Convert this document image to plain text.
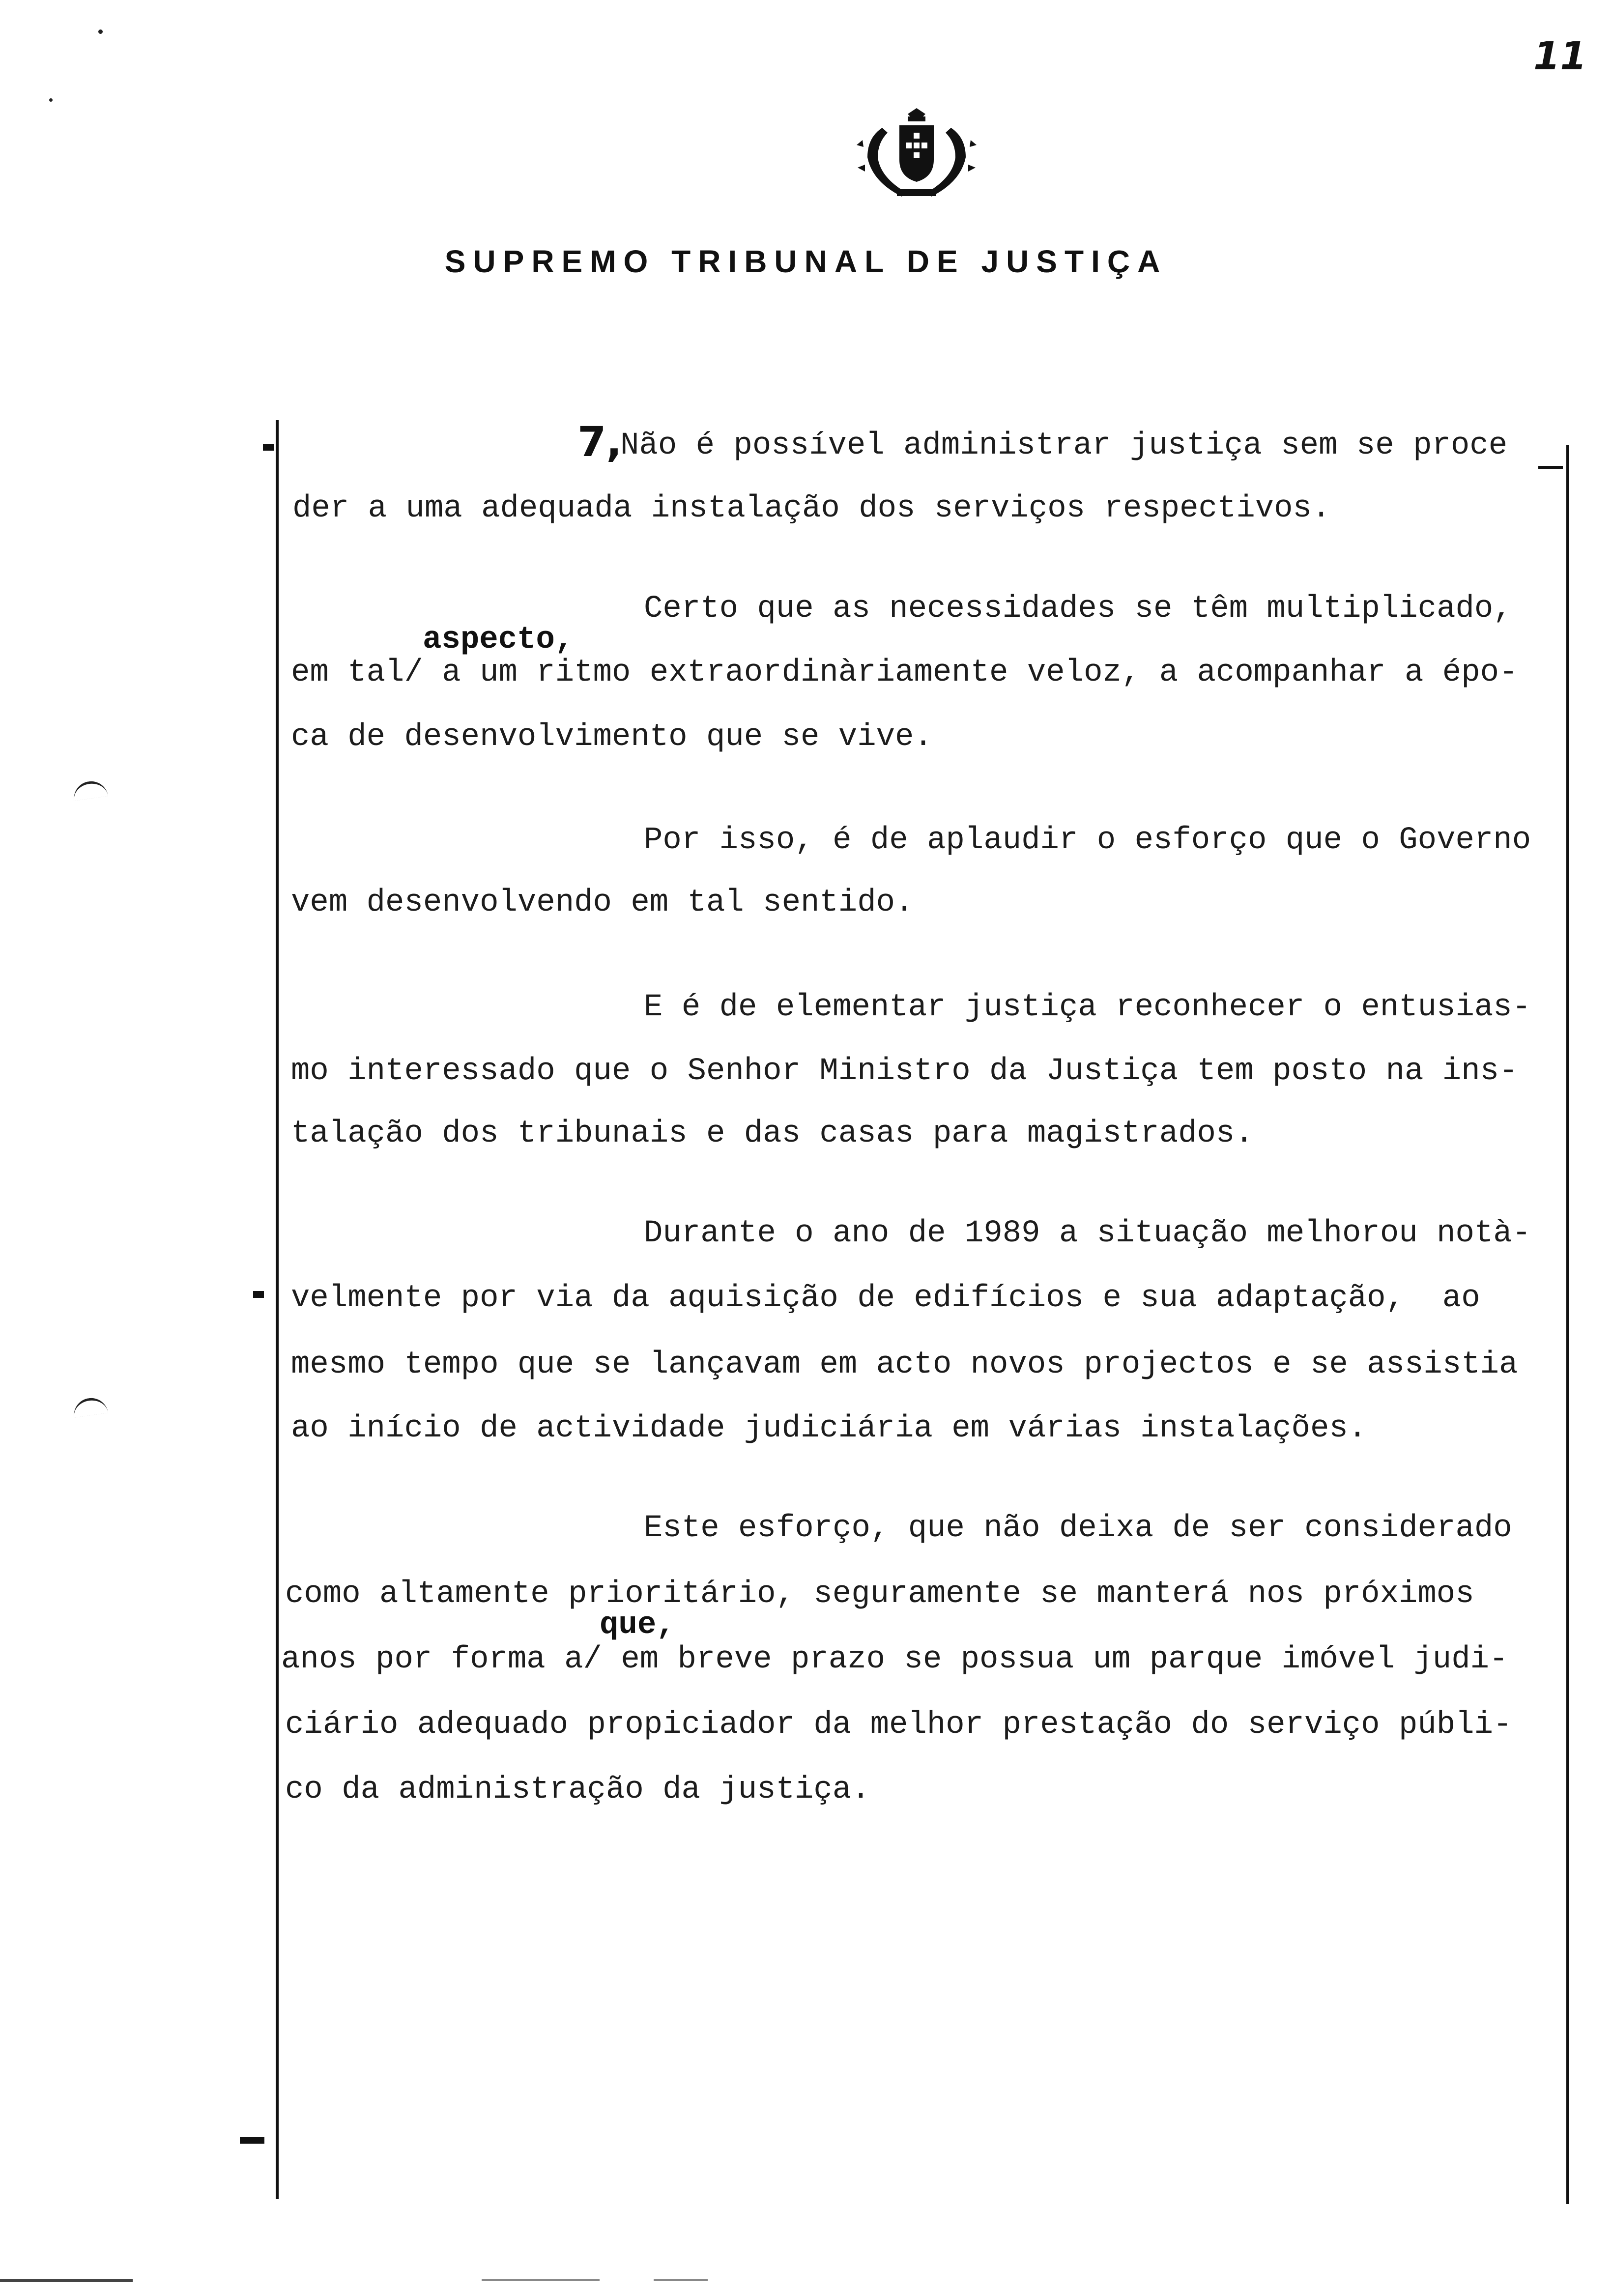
11
SUPREMO TRIBUNAL DE JUSTIÇA
7,
Não é possível administrar justiça sem se proce
der a uma adequada instalação dos serviços respectivos.
Certo que as necessidades se têm multiplicado,
aspecto,
em tal/ a um ritmo extraordinàriamente veloz, a acompanhar a épo-
ca de desenvolvimento que se vive.
Por isso, é de aplaudir o esforço que o Governo
vem desenvolvendo em tal sentido.
E é de elementar justiça reconhecer o entusias-
mo interessado que o Senhor Ministro da Justiça tem posto na ins-
talação dos tribunais e das casas para magistrados.
Durante o ano de 1989 a situação melhorou notà-
velmente por via da aquisição de edifícios e sua adaptação,  ao
mesmo tempo que se lançavam em acto novos projectos e se assistia
ao início de actividade judiciária em várias instalações.
Este esforço, que não deixa de ser considerado
como altamente prioritário, seguramente se manterá nos próximos
que,
anos por forma a/ em breve prazo se possua um parque imóvel judi-
ciário adequado propiciador da melhor prestação do serviço públi-
co da administração da justiça.
